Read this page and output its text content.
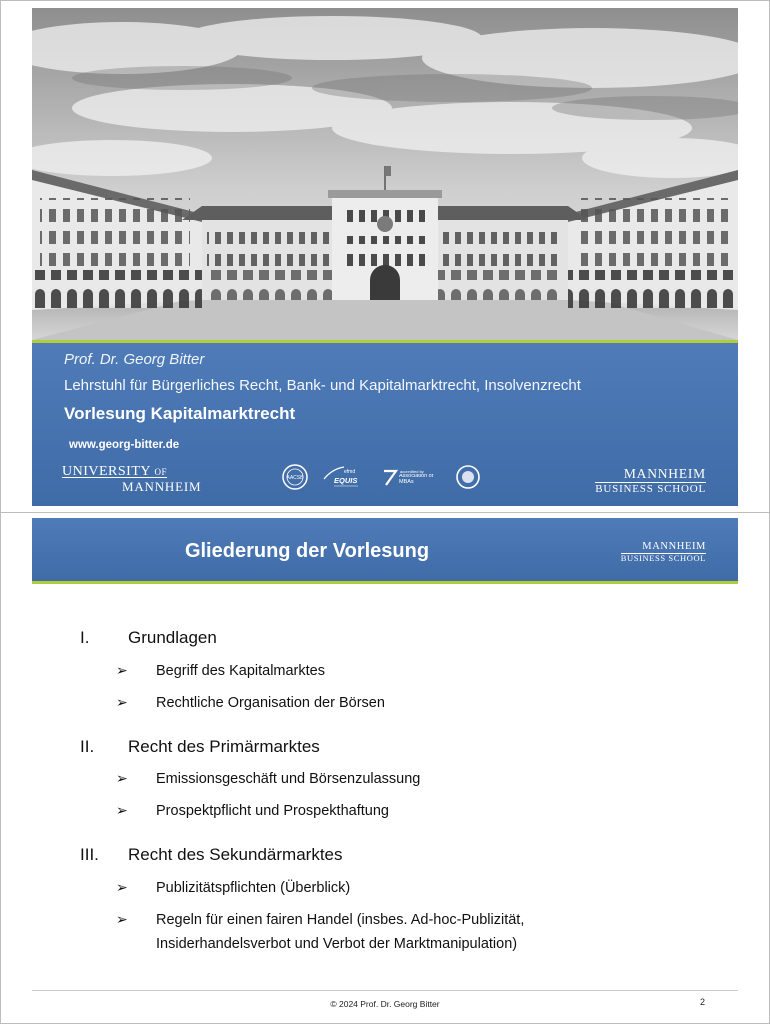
Prof. Dr. Georg Bitter
Lehrstuhl für Bürgerliches Recht, Bank- und Kapitalmarktrecht, Insolvenzrecht
Vorlesung Kapitalmarktrecht
www.georg-bitter.de
UNIVERSITY OF
MANNHEIM
AACSB
efmd
EQUIS
accredited by
Association of MBAs
MANNHEIM
BUSINESS SCHOOL
Gliederung der Vorlesung	MANNHEIM
BUSINESS SCHOOL
I. Grundlagen
➢ Begriff des Kapitalmarktes
➢ Rechtliche Organisation der Börsen
II. Recht des Primärmarktes
➢ Emissionsgeschäft und Börsenzulassung
➢ Prospektpflicht und Prospekthaftung
III. Recht des Sekundärmarktes
➢ Publizitätspflichten (Überblick)
➢ Regeln für einen fairen Handel (insbes. Ad-hoc-Publizität,
Insiderhandelsverbot und Verbot der Marktmanipulation)
© 2024 Prof. Dr. Georg Bitter	2
